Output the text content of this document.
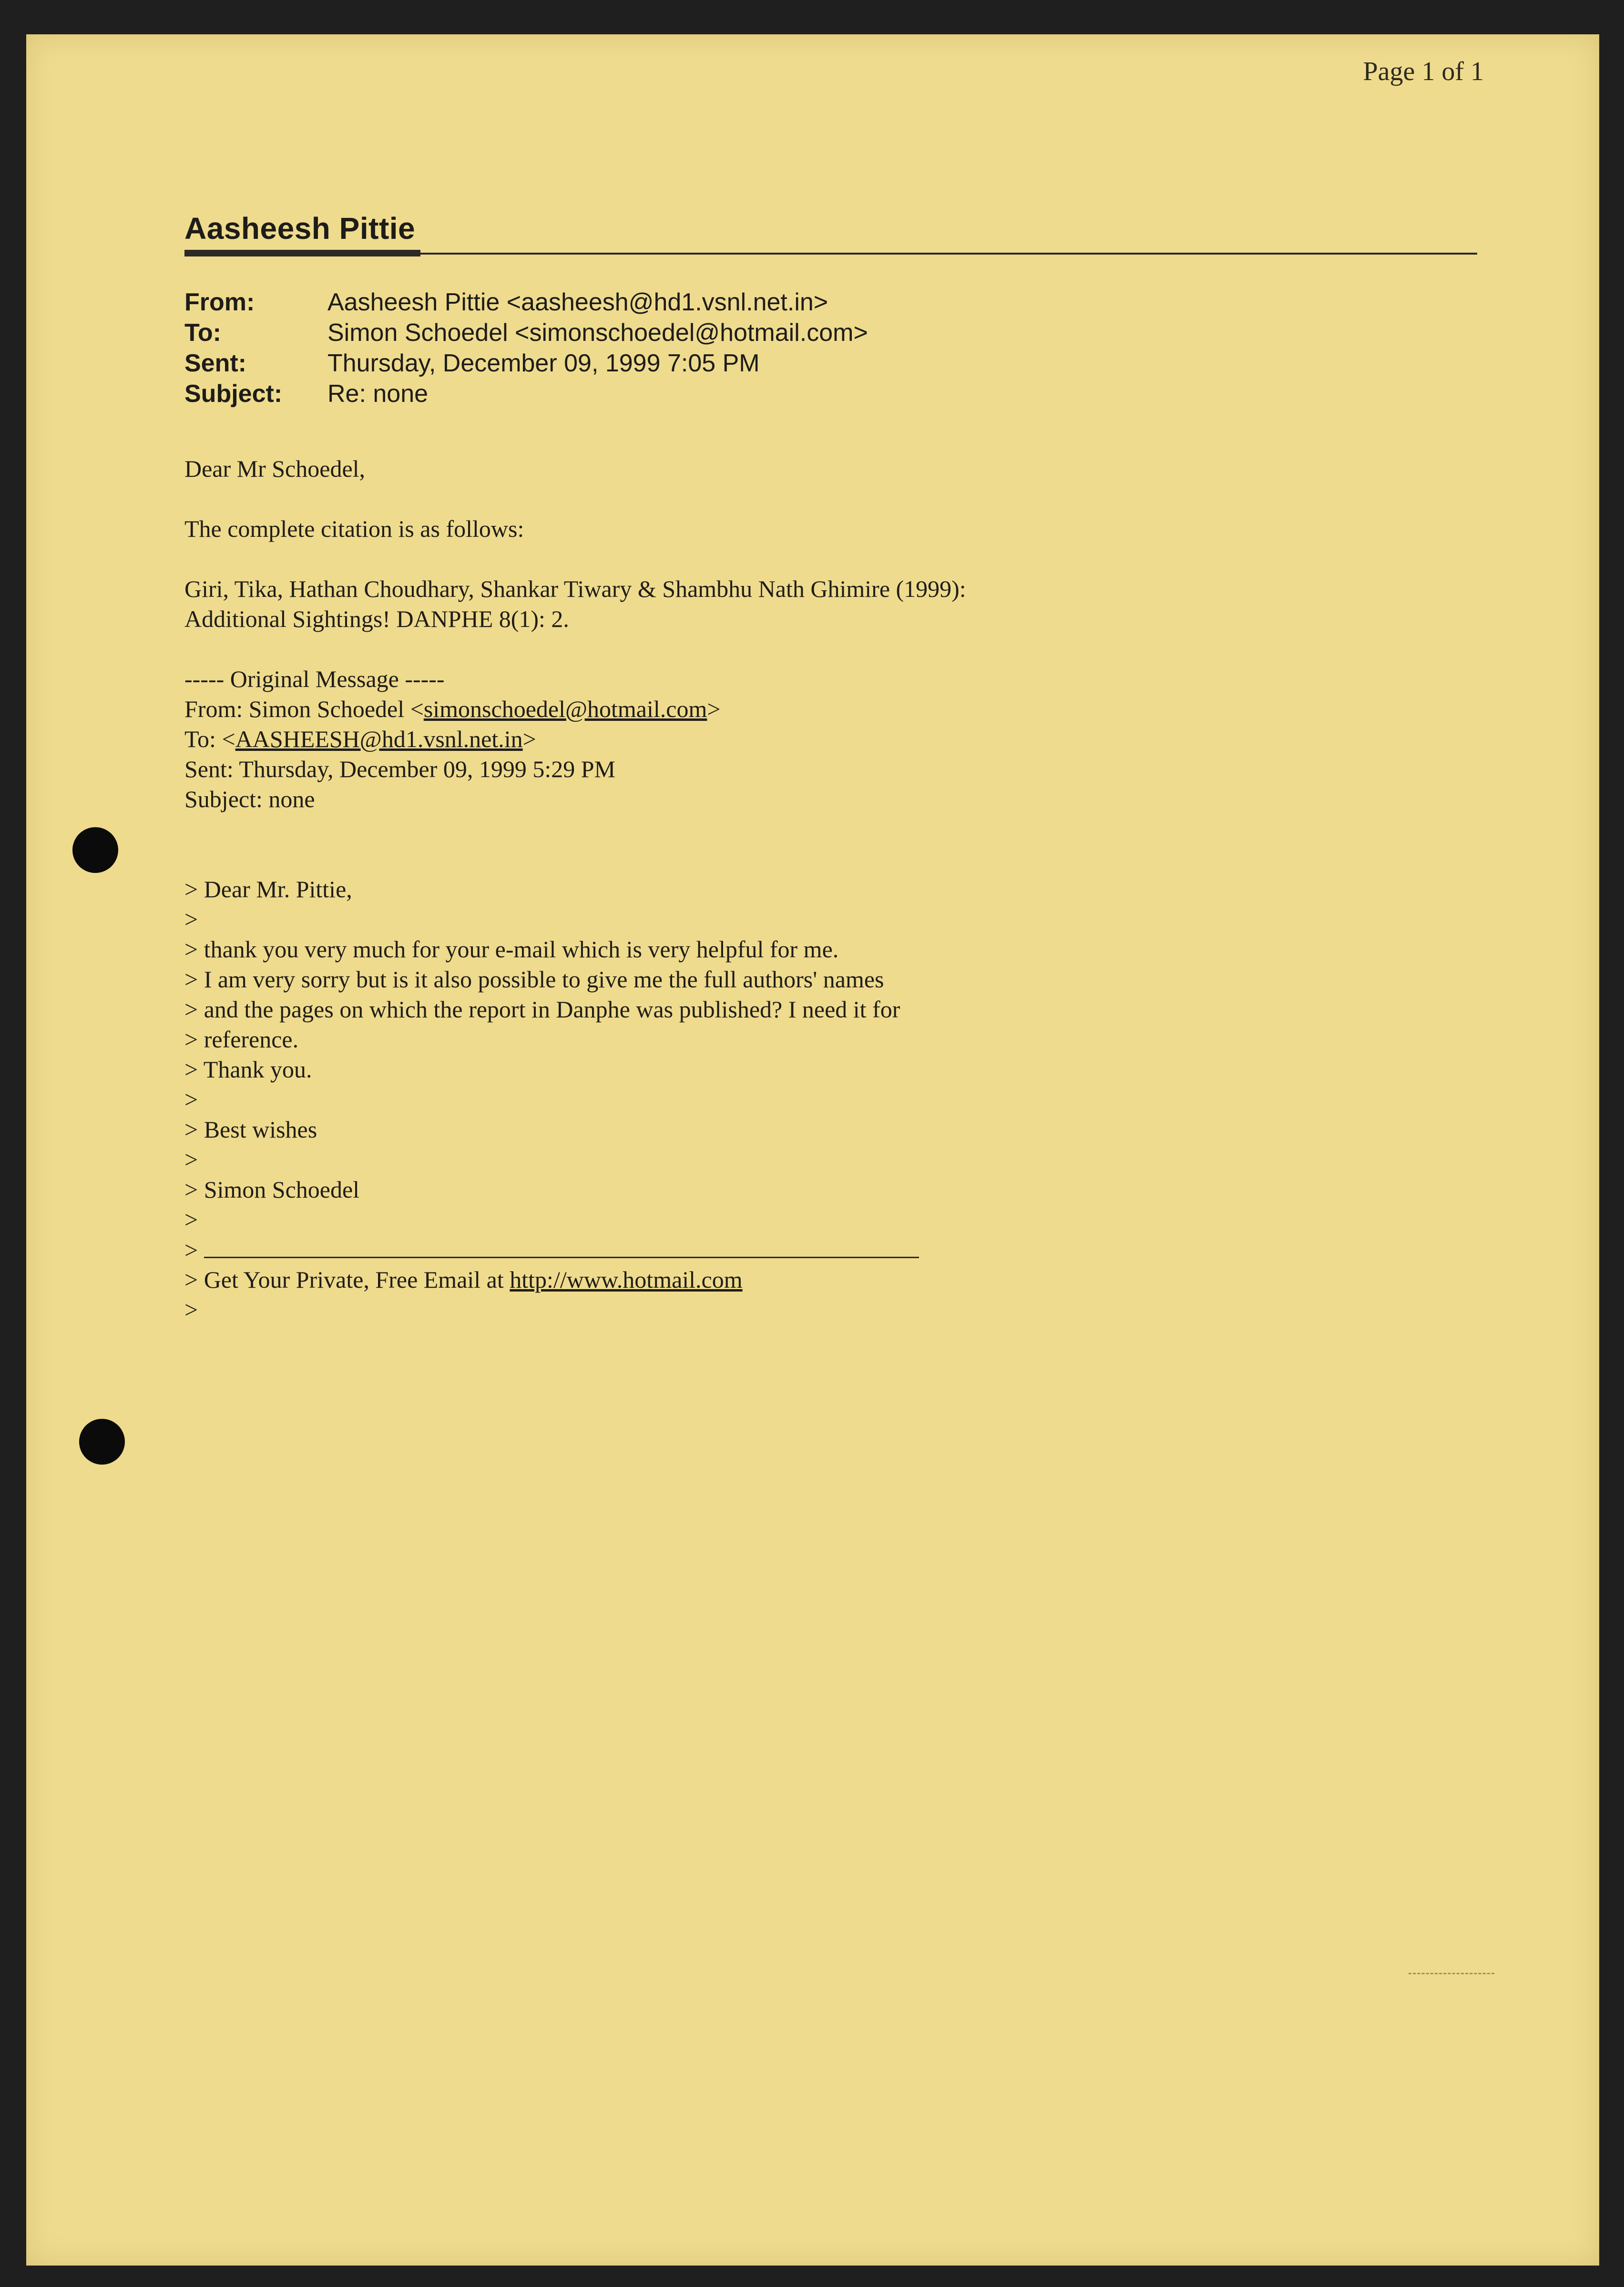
Page 1 of 1
Aasheesh Pittie
From:	Aasheesh Pittie <aasheesh@hd1.vsnl.net.in>
To:	Simon Schoedel <simonschoedel@hotmail.com>
Sent:	Thursday, December 09, 1999 7:05 PM
Subject:	Re: none
Dear Mr Schoedel,
The complete citation is as follows:
Giri, Tika, Hathan Choudhary, Shankar Tiwary & Shambhu Nath Ghimire (1999):
Additional Sightings! DANPHE 8(1): 2.
----- Original Message -----
From: Simon Schoedel <simonschoedel@hotmail.com>
To: <AASHEESH@hd1.vsnl.net.in>
Sent: Thursday, December 09, 1999 5:29 PM
Subject: none
> Dear Mr. Pittie,
>
> thank you very much for your e-mail which is very helpful for me.
> I am very sorry but is it also possible to give me the full authors' names
> and the pages on which the report in Danphe was published? I need it for
> reference.
> Thank you.
>
> Best wishes
>
> Simon Schoedel
>
>
> Get Your Private, Free Email at http://www.hotmail.com
>
